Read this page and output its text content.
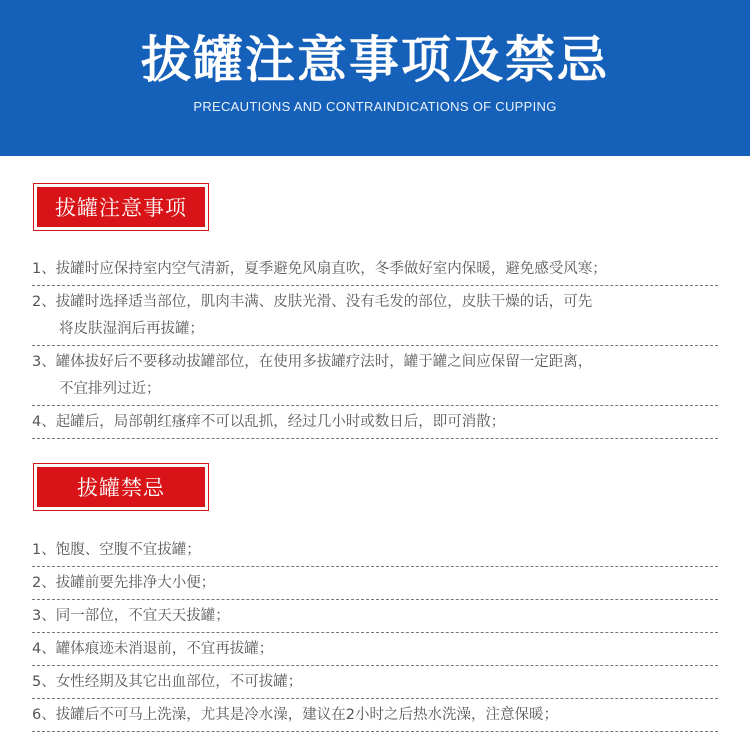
拔罐注意事项及禁忌
PRECAUTIONS AND CONTRAINDICATIONS OF CUPPING
拔罐注意事项
1、拔罐时应保持室内空气清新，夏季避免风扇直吹，冬季做好室内保暖，避免感受风寒；
2、拔罐时选择适当部位，肌肉丰满、皮肤光滑、没有毛发的部位，皮肤干燥的话，可先
将皮肤湿润后再拔罐；
3、罐体拔好后不要移动拔罐部位，在使用多拔罐疗法时，罐于罐之间应保留一定距离，
不宜排列过近；
4、起罐后，局部朝红瘙痒不可以乱抓，经过几小时或数日后，即可消散；
拔罐禁忌
1、饱腹、空腹不宜拔罐；
2、拔罐前要先排净大小便；
3、同一部位，不宜天天拔罐；
4、罐体痕迹未消退前，不宜再拔罐；
5、女性经期及其它出血部位，不可拔罐；
6、拔罐后不可马上洗澡，尤其是冷水澡，建议在2小时之后热水洗澡，注意保暖；
